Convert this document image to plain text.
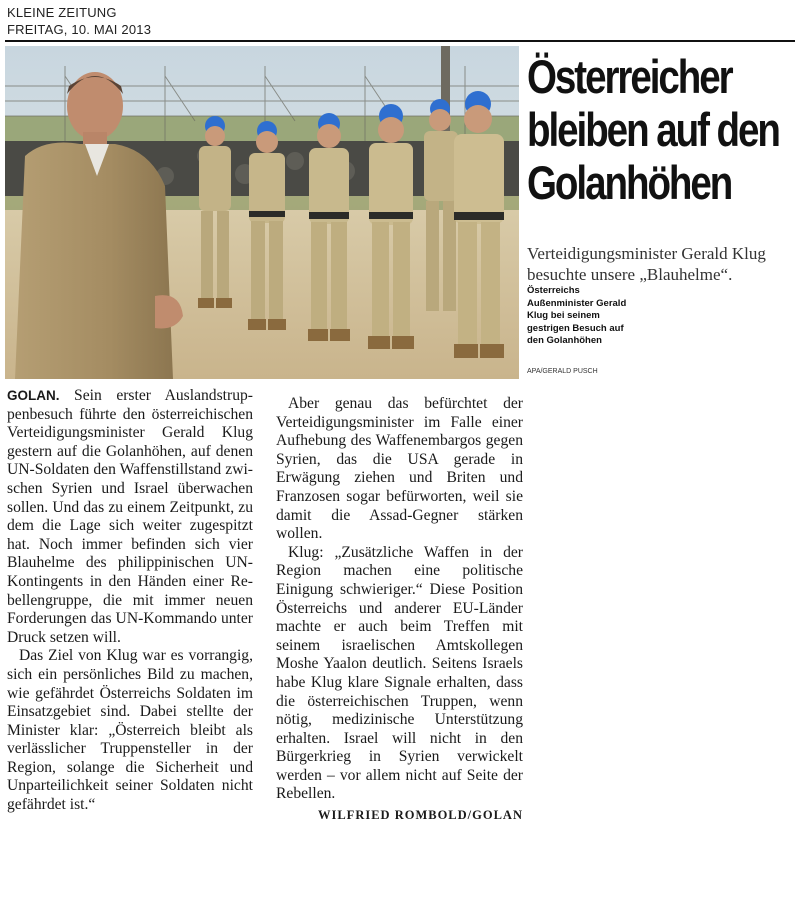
KLEINE ZEITUNG
FREITAG, 10. MAI 2013
Österreicher
bleiben auf den
Golanhöhen
Verteidigungsminister Gerald Klug besuchte unsere „Blauhelme“.
Österreichs Außenminister Gerald Klug bei seinem gestrigen Besuch auf den Golanhöhen
APA/GERALD PUSCH

GOLAN. Sein erster Auslandstruppenbesuch führte den österreichischen Verteidigungsminister Gerald Klug gestern auf die Golanhöhen, auf denen UN-Soldaten den Waffenstillstand zwischen Syrien und Israel überwachen sollen. Und das zu einem Zeitpunkt, zu dem die Lage sich weiter zugespitzt hat. Noch immer befinden sich vier Blauhelme des philippinischen UN-Kontingents in den Händen einer Rebellengruppe, die mit immer neuen Forderungen das UN-Kommando unter Druck setzen will.

Das Ziel von Klug war es vorrangig, sich ein persönliches Bild zu machen, wie gefährdet Österreichs Soldaten im Einsatzgebiet sind. Dabei stellte der Minister klar: „Österreich bleibt als verlässlicher Truppensteller in der Region, solange die Sicherheit und Unparteilichkeit seiner Soldaten nicht gefährdet ist.“

Aber genau das befürchtet der Verteidigungsminister im Falle einer Aufhebung des Waffenembargos gegen Syrien, das die USA gerade in Erwägung ziehen und Briten und Franzosen sogar befürworten, weil sie damit die Assad-Gegner stärken wollen.

Klug: „Zusätzliche Waffen in der Region machen eine politische Einigung schwieriger.“ Diese Position Österreichs und anderer EU-Länder machte er auch beim Treffen mit seinem israelischen Amtskollegen Moshe Yaalon deutlich. Seitens Israels habe Klug klare Signale erhalten, dass die österreichischen Truppen, wenn nötig, medizinische Unterstützung erhalten. Israel will nicht in den Bürgerkrieg in Syrien verwickelt werden – vor allem nicht auf Seite der Rebellen.

WILFRIED ROMBOLD/GOLAN
